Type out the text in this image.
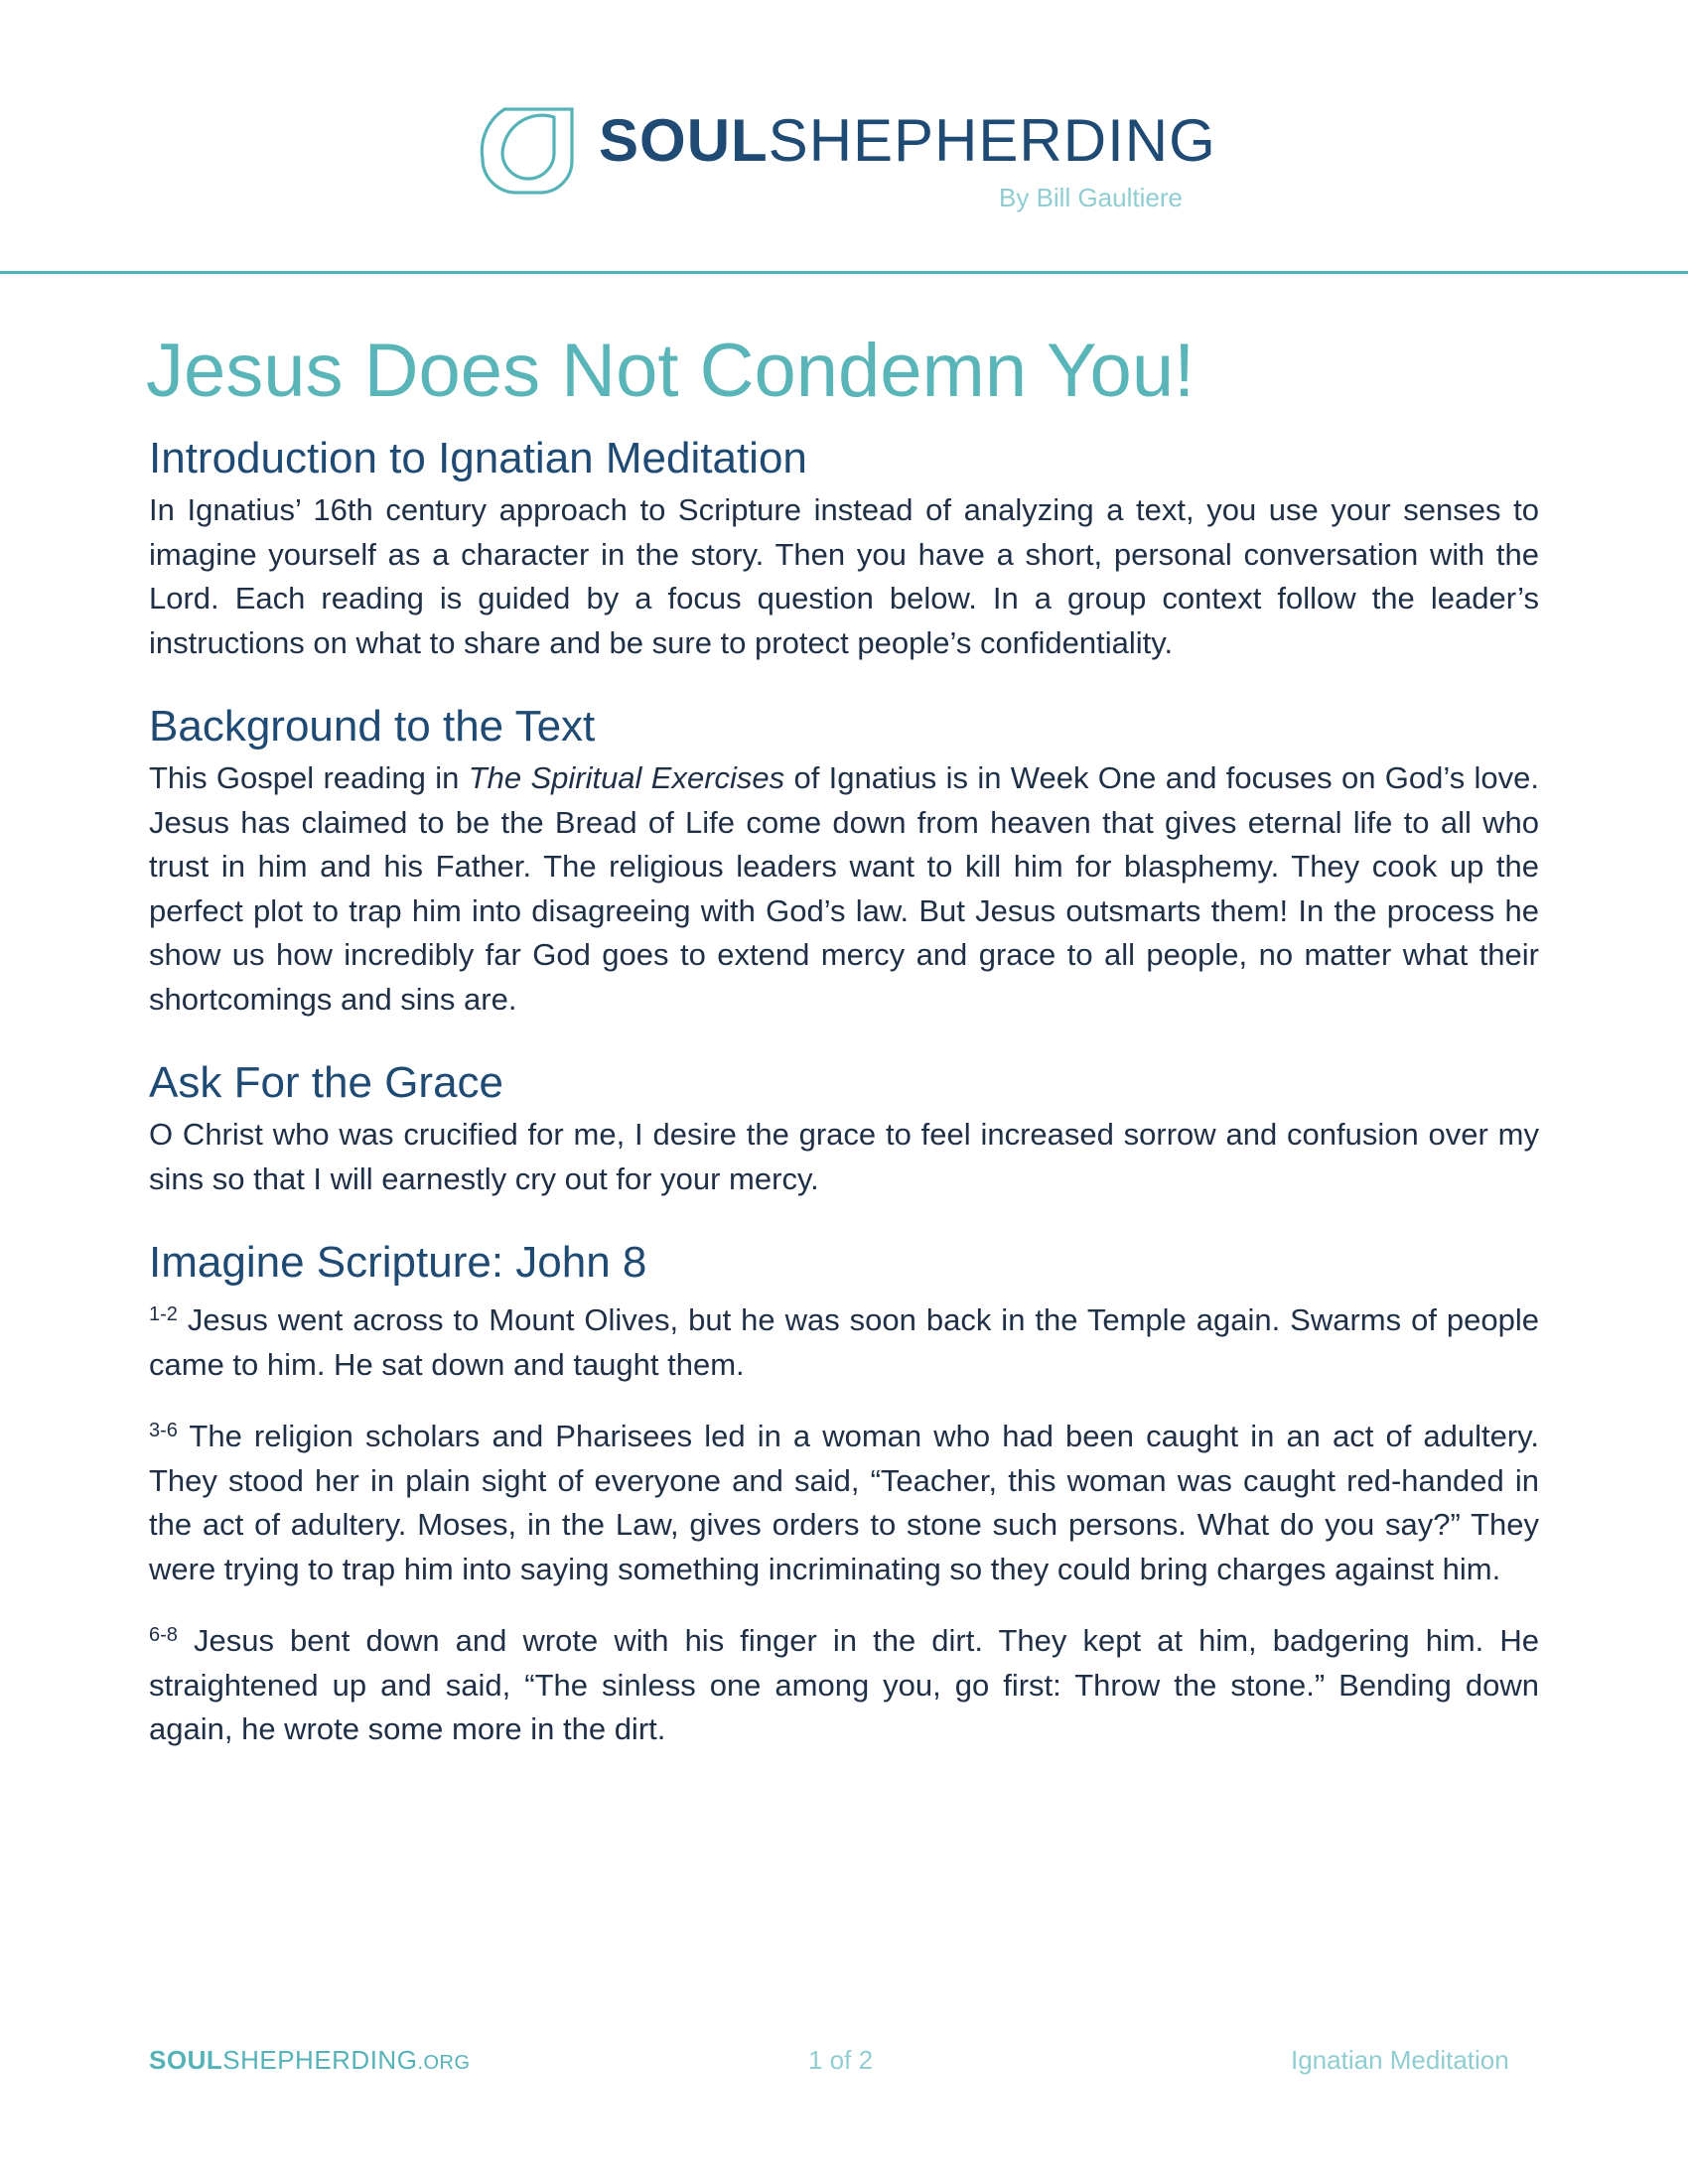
SOULSHEPHERDING
By Bill Gaultiere
Jesus Does Not Condemn You!
Introduction to Ignatian Meditation

In Ignatius’ 16th century approach to Scripture instead of analyzing a text, you use your senses to imagine yourself as a character in the story. Then you have a short, personal conversation with the Lord. Each reading is guided by a focus question below. In a group context follow the leader’s instructions on what to share and be sure to protect people’s confidentiality.

Background to the Text

This Gospel reading in The Spiritual Exercises of Ignatius is in Week One and focuses on God’s love. Jesus has claimed to be the Bread of Life come down from heaven that gives eternal life to all who trust in him and his Father. The religious leaders want to kill him for blasphemy. They cook up the perfect plot to trap him into disagreeing with God’s law. But Jesus outsmarts them! In the process he show us how incredibly far God goes to extend mercy and grace to all people, no matter what their shortcomings and sins are.

Ask For the Grace

O Christ who was crucified for me, I desire the grace to feel increased sorrow and confusion over my sins so that I will earnestly cry out for your mercy.

Imagine Scripture: John 8

$^{1-2}$ Jesus went across to Mount Olives, but he was soon back in the Temple again. Swarms of people came to him. He sat down and taught them.

$^{3-6}$ The religion scholars and Pharisees led in a woman who had been caught in an act of adultery. They stood her in plain sight of everyone and said, “Teacher, this woman was caught red-handed in the act of adultery. Moses, in the Law, gives orders to stone such persons. What do you say?” They were trying to trap him into saying something incriminating so they could bring charges against him.

$^{6-8}$ Jesus bent down and wrote with his finger in the dirt. They kept at him, badgering him. He straightened up and said, “The sinless one among you, go first: Throw the stone.” Bending down again, he wrote some more in the dirt.

SOULSHEPHERDING.ORG	1 of 2	Ignatian Meditation
